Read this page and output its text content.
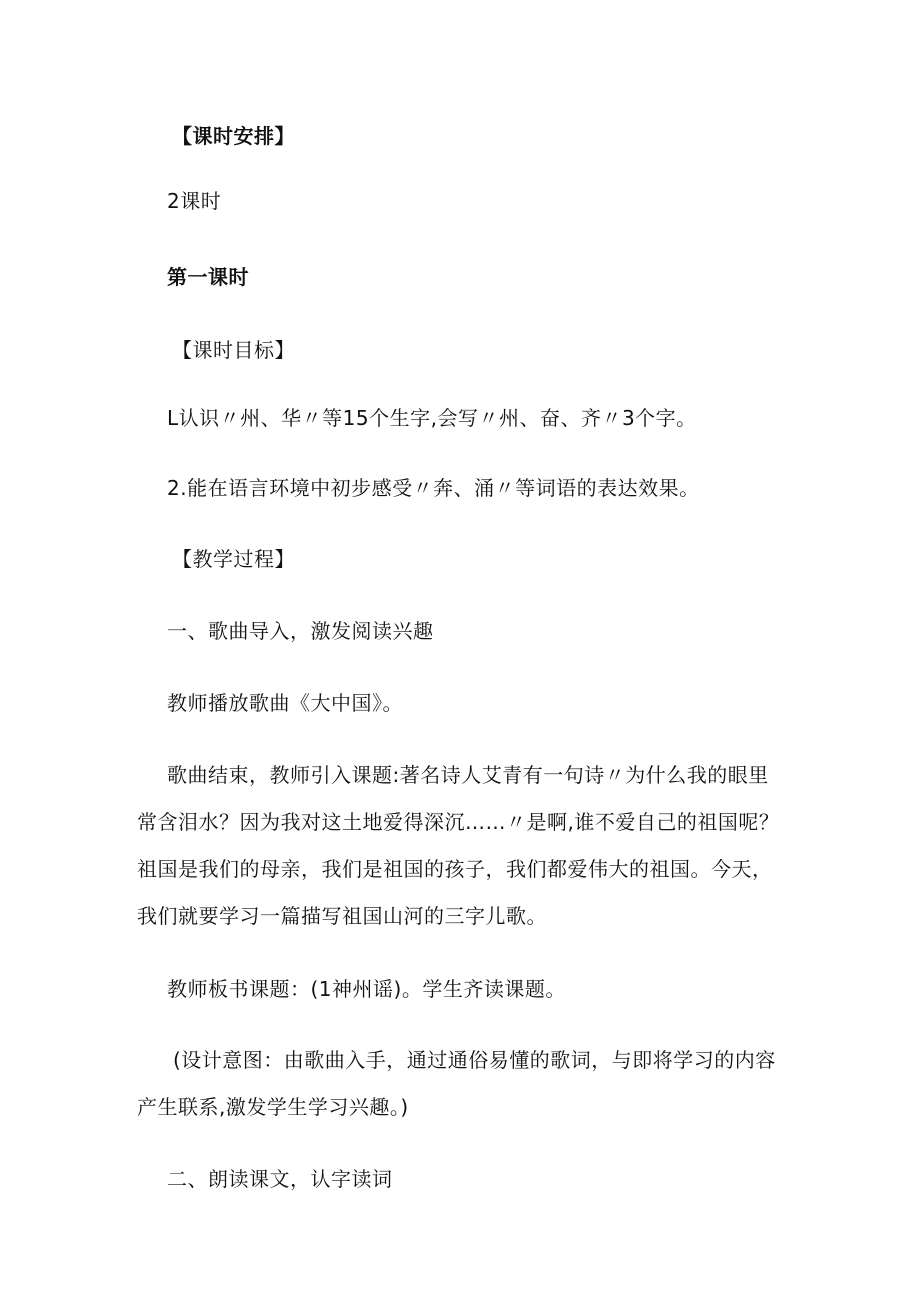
【课时安排】
2课时
第一课时
【课时目标】
L认识〃州、华〃等15个生字,会写〃州、奋、齐〃3个字。
2.能在语言环境中初步感受〃奔、涌〃等词语的表达效果。
【教学过程】
一、歌曲导入，激发阅读兴趣
教师播放歌曲《大中国》。
歌曲结束，教师引入课题:著名诗人艾青有一句诗〃为什么我的眼里常含泪水？因为我对这土地爱得深沉……〃是啊,谁不爱自己的祖国呢？祖国是我们的母亲，我们是祖国的孩子，我们都爱伟大的祖国。今天，我们就要学习一篇描写祖国山河的三字儿歌。
教师板书课题：(1神州谣)。学生齐读课题。
(设计意图：由歌曲入手，通过通俗易懂的歌词，与即将学习的内容产生联系,激发学生学习兴趣。)
二、朗读课文，认字读词
